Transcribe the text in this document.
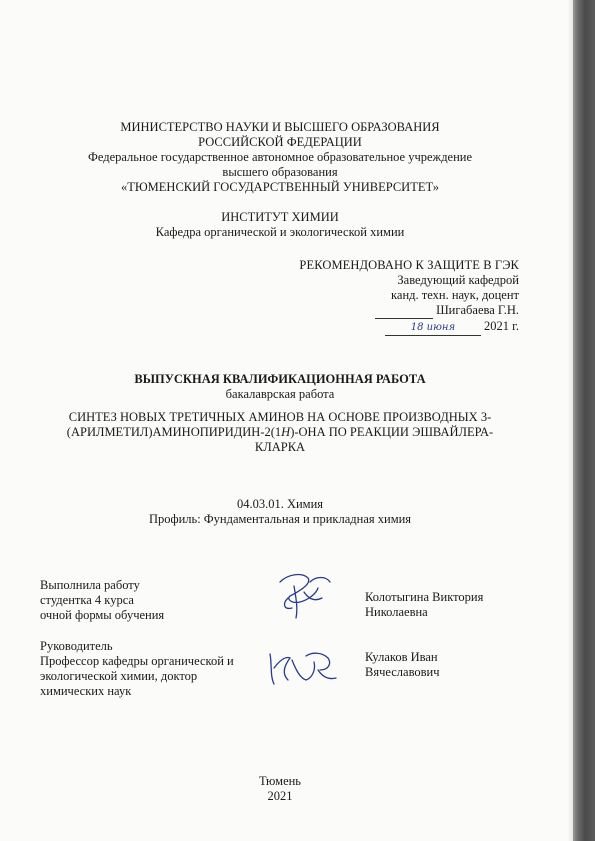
МИНИСТЕРСТВО НАУКИ И ВЫСШЕГО ОБРАЗОВАНИЯ
РОССИЙСКОЙ ФЕДЕРАЦИИ
Федеральное государственное автономное образовательное учреждение
высшего образования
«ТЮМЕНСКИЙ ГОСУДАРСТВЕННЫЙ УНИВЕРСИТЕТ»
ИНСТИТУТ ХИМИИ
Кафедра органической и экологической химии
РЕКОМЕНДОВАНО К ЗАЩИТЕ В ГЭК
Заведующий кафедрой
канд. техн. наук, доцент
Шигабаева Г.Н.
18 июня 2021 г.
ВЫПУСКНАЯ КВАЛИФИКАЦИОННАЯ РАБОТА
бакалаврская работа
СИНТЕЗ НОВЫХ ТРЕТИЧНЫХ АМИНОВ НА ОСНОВЕ ПРОИЗВОДНЫХ 3-
(АРИЛМЕТИЛ)АМИНОПИРИДИН-2(1H)-ОНА ПО РЕАКЦИИ ЭШВАЙЛЕРА-
КЛАРКА
04.03.01. Химия
Профиль: Фундаментальная и прикладная химия
Выполнила работу
студентка 4 курса
очной формы обучения
Колотыгина Виктория
Николаевна
Руководитель
Профессор кафедры органической и
экологической химии, доктор
химических наук
Кулаков Иван
Вячеславович
Тюмень
2021
